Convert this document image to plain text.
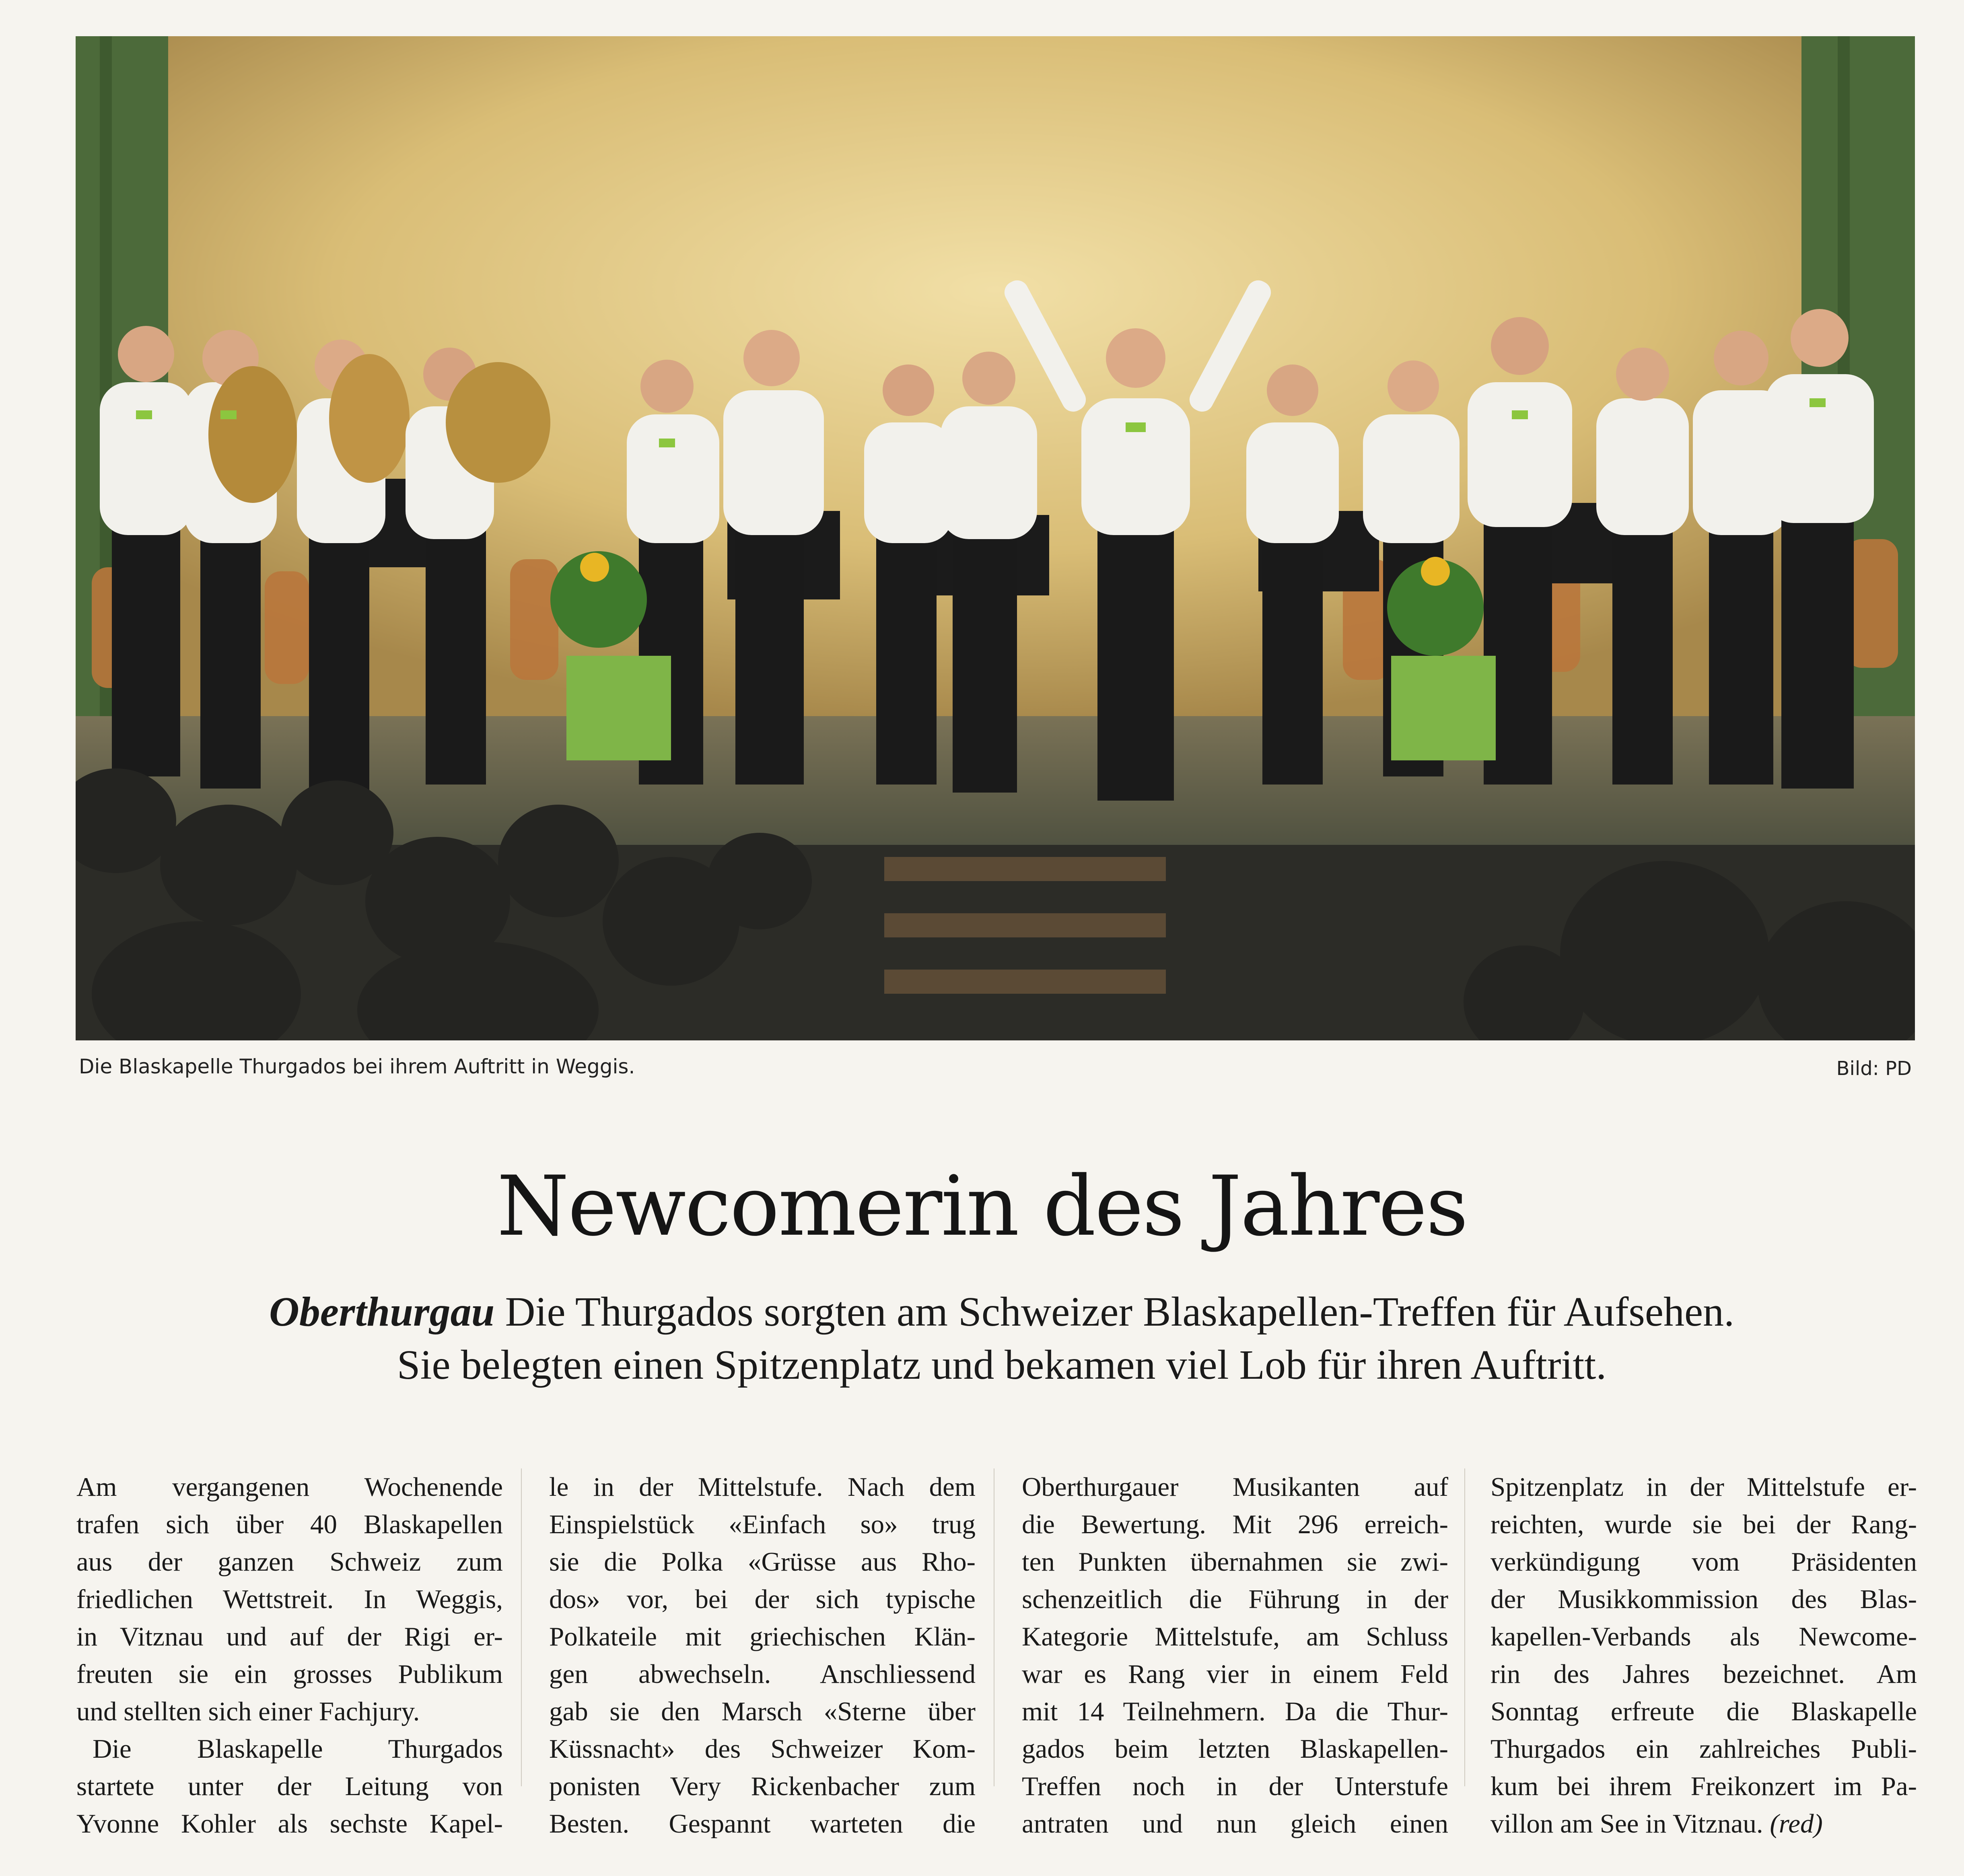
Die Blaskapelle Thurgados bei ihrem Auftritt in Weggis.	Bild: PD
Newcomerin des Jahres
Oberthurgau Die Thurgados sorgten am Schweizer Blaskapellen-Treffen für Aufsehen.
Sie belegten einen Spitzenplatz und bekamen viel Lob für ihren Auftritt.
Am vergangenen Wochenende
trafen sich über 40 Blaskapellen
aus der ganzen Schweiz zum
friedlichen Wettstreit. In Weggis,
in Vitznau und auf der Rigi er-
freuten sie ein grosses Publikum
und stellten sich einer Fachjury.
Die Blaskapelle Thurgados
startete unter der Leitung von
Yvonne Kohler als sechste Kapel-
le in der Mittelstufe. Nach dem
Einspielstück «Einfach so» trug
sie die Polka «Grüsse aus Rho-
dos» vor, bei der sich typische
Polkateile mit griechischen Klän-
gen abwechseln. Anschliessend
gab sie den Marsch «Sterne über
Küssnacht» des Schweizer Kom-
ponisten Very Rickenbacher zum
Besten. Gespannt warteten die
Oberthurgauer Musikanten auf
die Bewertung. Mit 296 erreich-
ten Punkten übernahmen sie zwi-
schenzeitlich die Führung in der
Kategorie Mittelstufe, am Schluss
war es Rang vier in einem Feld
mit 14 Teilnehmern. Da die Thur-
gados beim letzten Blaskapellen-
Treffen noch in der Unterstufe
antraten und nun gleich einen
Spitzenplatz in der Mittelstufe er-
reichten, wurde sie bei der Rang-
verkündigung vom Präsidenten
der Musikkommission des Blas-
kapellen-Verbands als Newcome-
rin des Jahres bezeichnet. Am
Sonntag erfreute die Blaskapelle
Thurgados ein zahlreiches Publi-
kum bei ihrem Freikonzert im Pa-
villon am See in Vitznau. (red)
